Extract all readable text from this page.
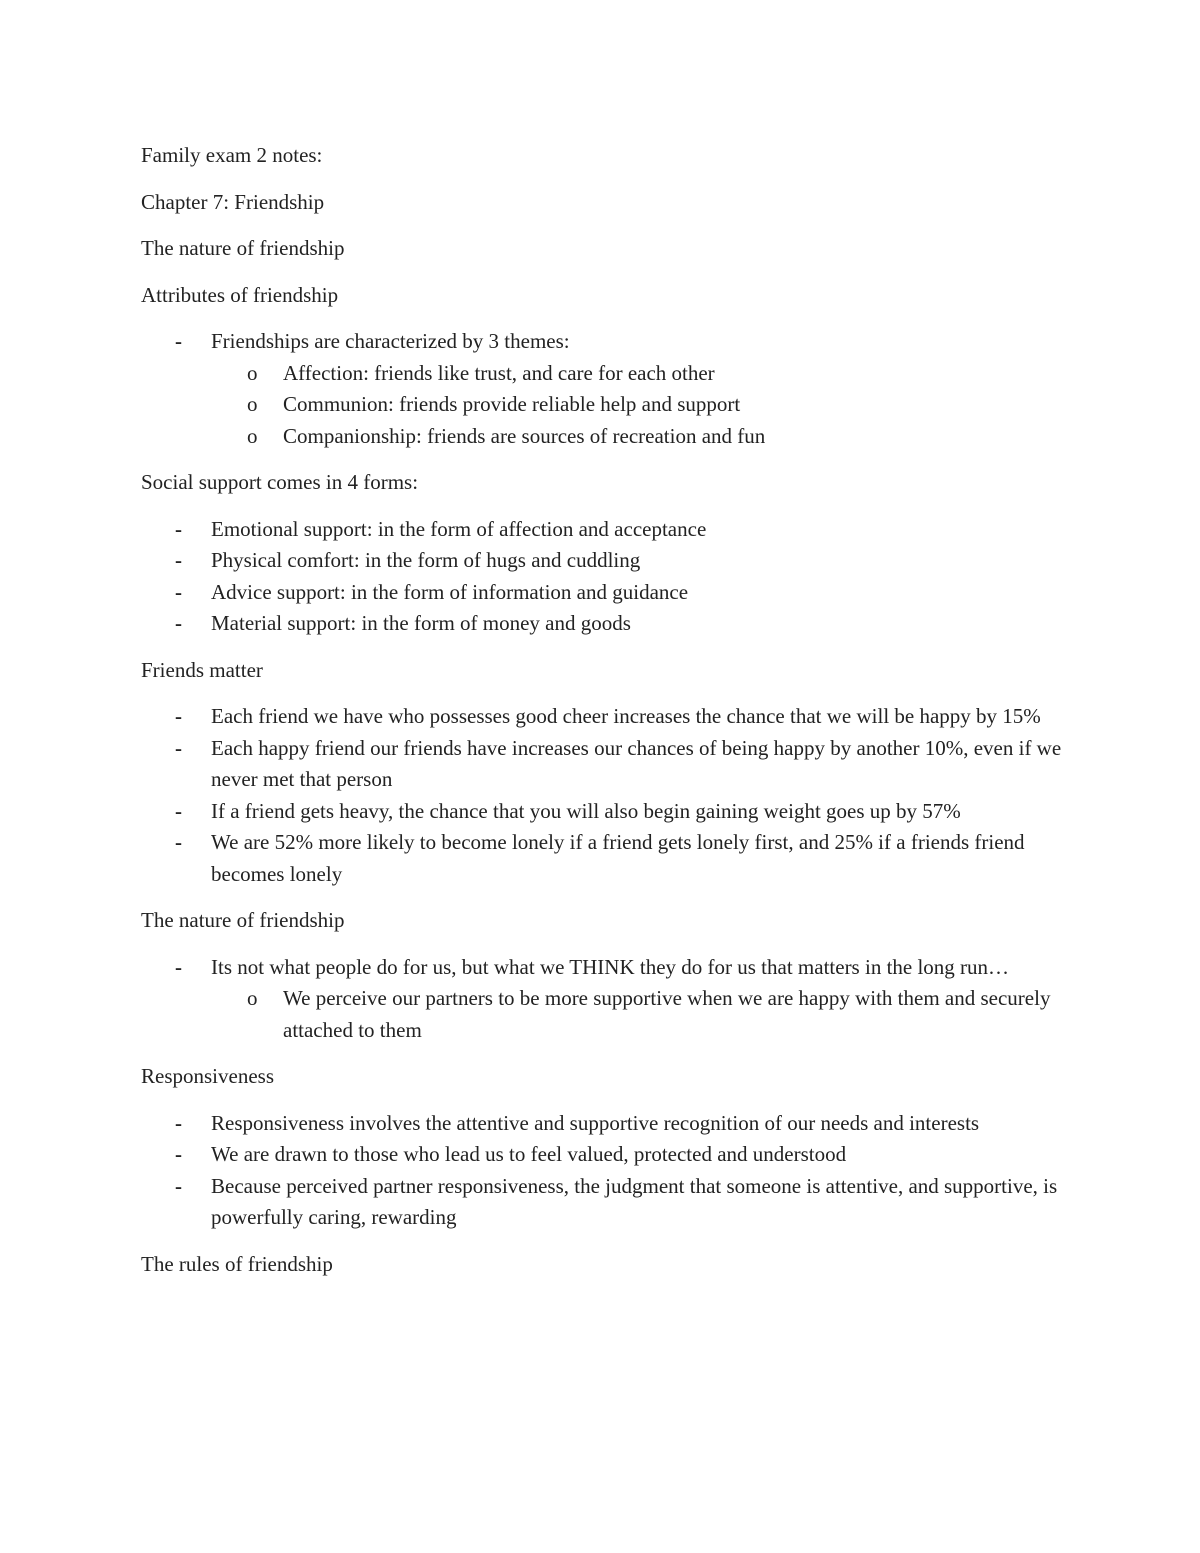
Family exam 2 notes:

Chapter 7: Friendship

The nature of friendship

Attributes of friendship

- Friendships are characterized by 3 themes:
o Affection: friends like trust, and care for each other
o Communion: friends provide reliable help and support
o Companionship: friends are sources of recreation and fun

Social support comes in 4 forms:

- Emotional support: in the form of affection and acceptance
- Physical comfort: in the form of hugs and cuddling
- Advice support: in the form of information and guidance
- Material support: in the form of money and goods

Friends matter

- Each friend we have who possesses good cheer increases the chance that we will be happy by 15%
- Each happy friend our friends have increases our chances of being happy by another 10%, even if we never met that person
- If a friend gets heavy, the chance that you will also begin gaining weight goes up by 57%
- We are 52% more likely to become lonely if a friend gets lonely first, and 25% if a friends friend becomes lonely

The nature of friendship

- Its not what people do for us, but what we THINK they do for us that matters in the long run…
o We perceive our partners to be more supportive when we are happy with them and securely attached to them

Responsiveness

- Responsiveness involves the attentive and supportive recognition of our needs and interests
- We are drawn to those who lead us to feel valued, protected and understood
- Because perceived partner responsiveness, the judgment that someone is attentive, and supportive, is powerfully caring, rewarding

The rules of friendship
